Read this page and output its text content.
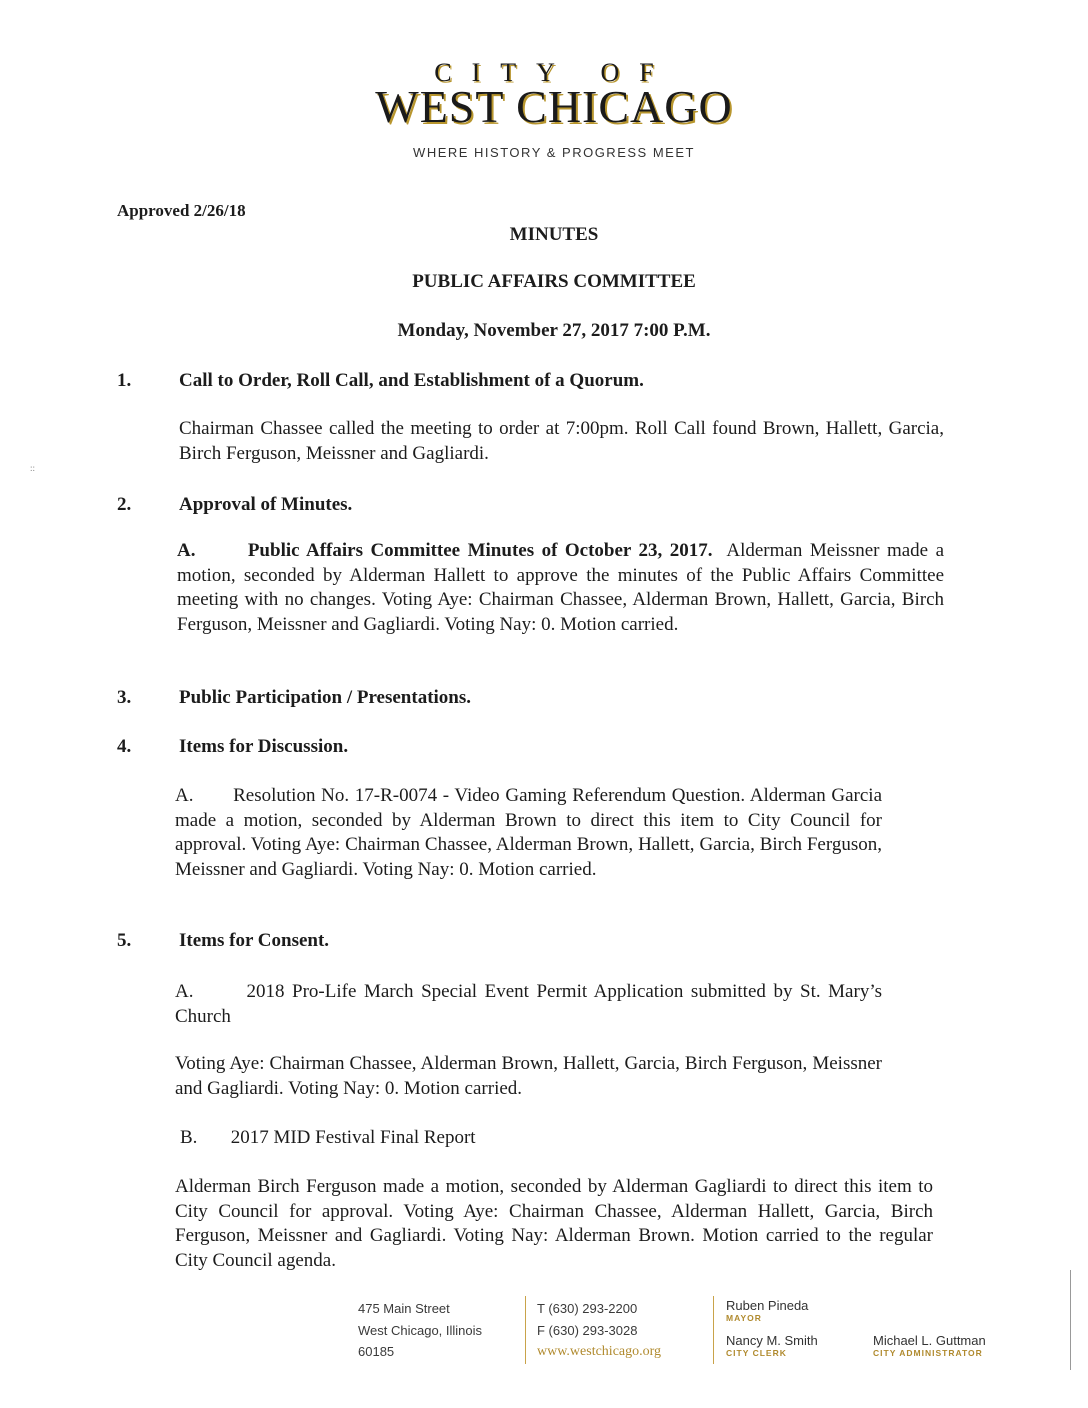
CITY OF
WEST CHICAGO
WHERE HISTORY & PROGRESS MEET
Approved 2/26/18
MINUTES
PUBLIC AFFAIRS COMMITTEE
Monday, November 27, 2017 7:00 P.M.
::
1.	Call to Order, Roll Call, and Establishment of a Quorum.
Chairman Chassee called the meeting to order at 7:00pm. Roll Call found Brown, Hallett, Garcia, Birch Ferguson, Meissner and Gagliardi.
2.	Approval of Minutes.
A.	Public Affairs Committee Minutes of October 23, 2017. Alderman Meissner made a motion, seconded by Alderman Hallett to approve the minutes of the Public Affairs Committee meeting with no changes. Voting Aye: Chairman Chassee, Alderman Brown, Hallett, Garcia, Birch Ferguson, Meissner and Gagliardi. Voting Nay: 0. Motion carried.
3.	Public Participation / Presentations.
4.	Items for Discussion.
A. Resolution No. 17-R-0074 - Video Gaming Referendum Question. Alderman Garcia made a motion, seconded by Alderman Brown to direct this item to City Council for approval. Voting Aye: Chairman Chassee, Alderman Brown, Hallett, Garcia, Birch Ferguson, Meissner and Gagliardi. Voting Nay: 0. Motion carried.
5.	Items for Consent.
A.	2018 Pro-Life March Special Event Permit Application submitted by St. Mary’s Church
Voting Aye: Chairman Chassee, Alderman Brown, Hallett, Garcia, Birch Ferguson, Meissner and Gagliardi. Voting Nay: 0. Motion carried.
B. 2017 MID Festival Final Report
Alderman Birch Ferguson made a motion, seconded by Alderman Gagliardi to direct this item to City Council for approval. Voting Aye: Chairman Chassee, Alderman Hallett, Garcia, Birch Ferguson, Meissner and Gagliardi. Voting Nay: Alderman Brown. Motion carried to the regular City Council agenda.
475 Main Street
West Chicago, Illinois
60185
T (630) 293-2200
F (630) 293-3028
www.westchicago.org
Ruben Pineda
MAYOR
Nancy M. Smith
CITY CLERK
Michael L. Guttman
CITY ADMINISTRATOR
